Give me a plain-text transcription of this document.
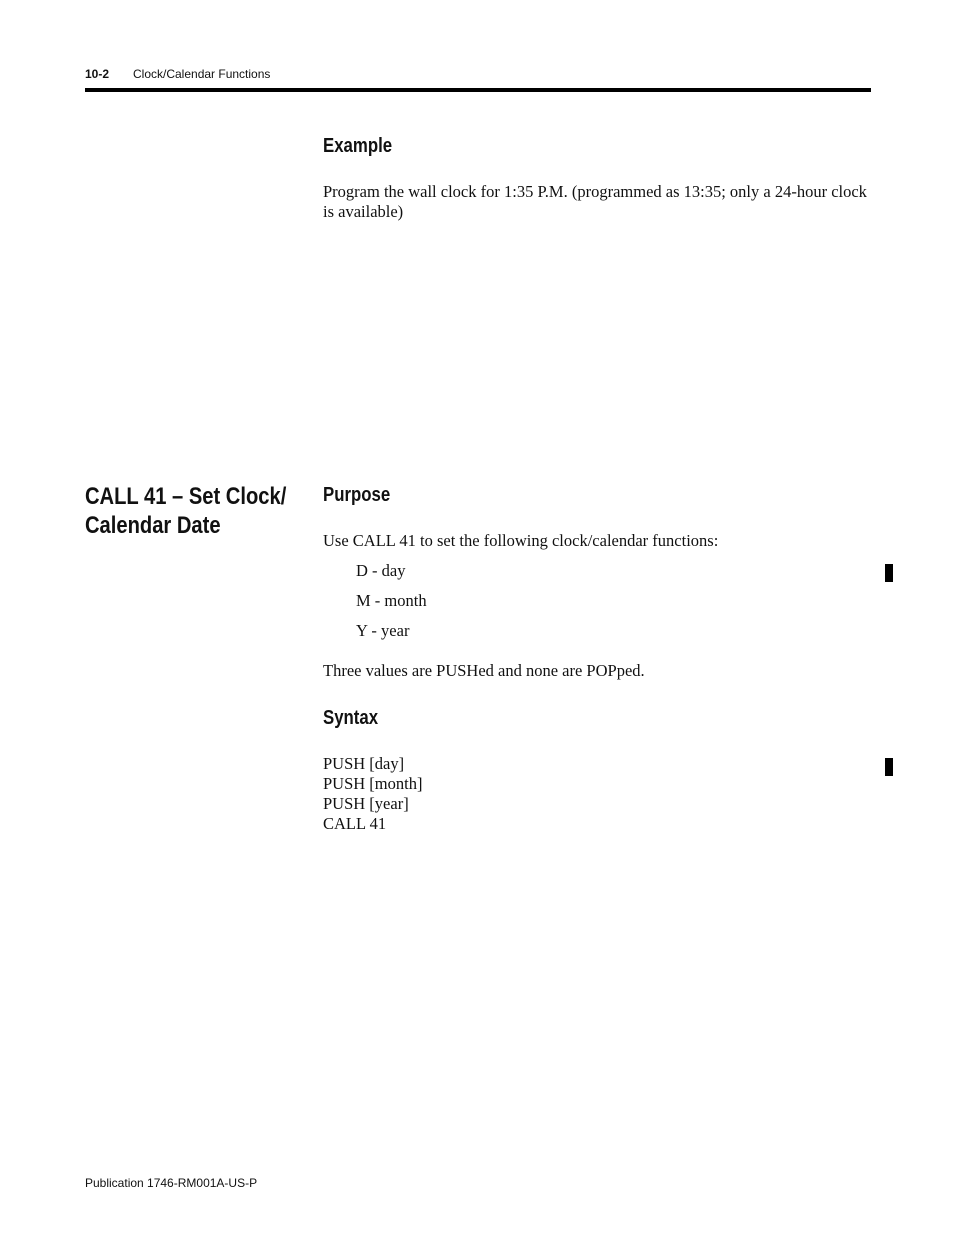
10-2 Clock/Calendar Functions
Example
Program the wall clock for 1:35 P.M. (programmed as 13:35; only a 24-hour clock is available)
CALL 41 – Set Clock/
Calendar Date
Purpose
Use CALL 41 to set the following clock/calendar functions:
D - day
M - month
Y - year
Three values are PUSHed and none are POPped.
Syntax
PUSH [day]
PUSH [month]
PUSH [year]
CALL 41
Publication 1746-RM001A-US-P
